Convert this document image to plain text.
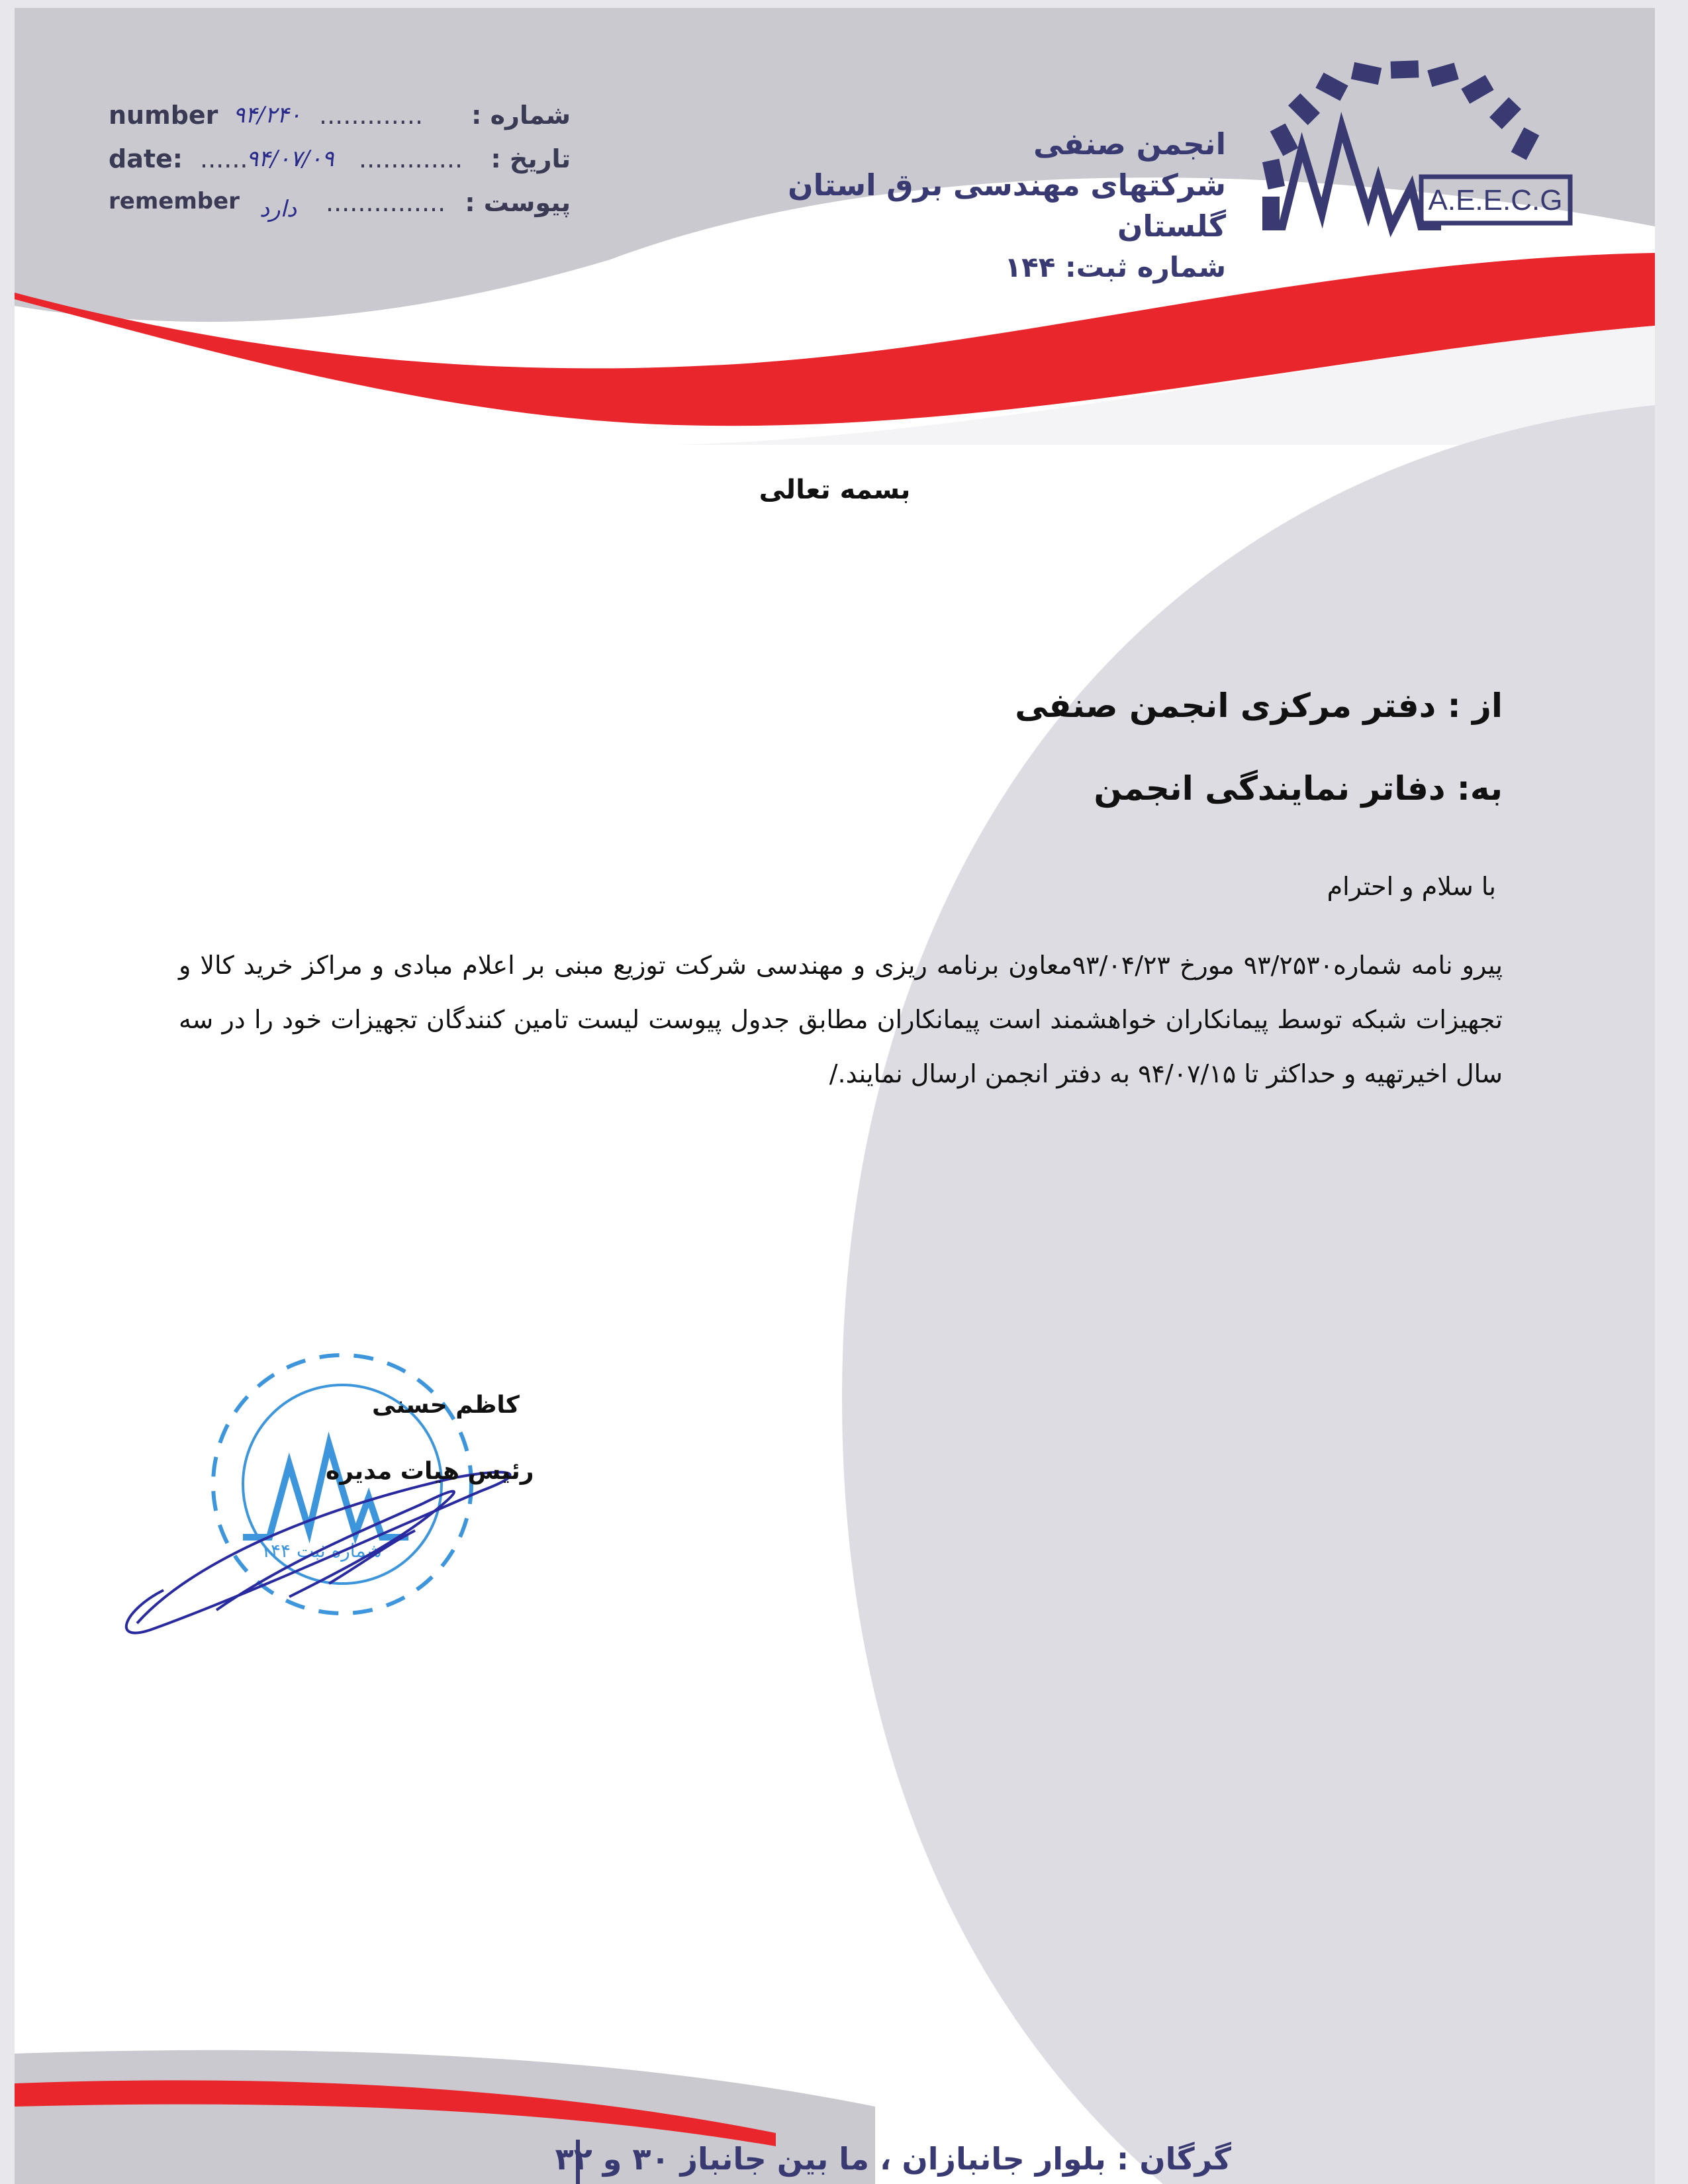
number ۹۴/۲۴۰ ............. شماره :
date: ......
۹۴/۰۷/۰۹ ............. تاریخ :
remember دارد ............... پیوست :
انجمن صنفی
شرکتهای مهندسی برق استان گلستان
شماره ثبت: ۱۴۴
A.E.E.C.G
بسمه تعالی
از : دفتر مرکزی انجمن صنفی
به: دفاتر نمایندگی انجمن
با سلام و احترام
پیرو نامه شماره۹۳/۲۵۳۰ مورخ ۹۳/۰۴/۲۳معاون برنامه ریزی و مهندسی شرکت توزیع مبنی بر اعلام مبادی و مراکز خرید کالا و تجهیزات شبکه توسط پیمانکاران خواهشمند است پیمانکاران مطابق جدول پیوست لیست تامین کنندگان تجهیزات خود را در سه سال اخیرتهیه و حداکثر تا ۹۴/۰۷/۱۵ به دفتر انجمن ارسال نمایند./
شماره ثبت ۱۴۴
کاظم حسنی
رئیس هیات مدیره
گرگان : بلوار جانبازان ، ما بین جانباز ۳۰ و ۳۲
